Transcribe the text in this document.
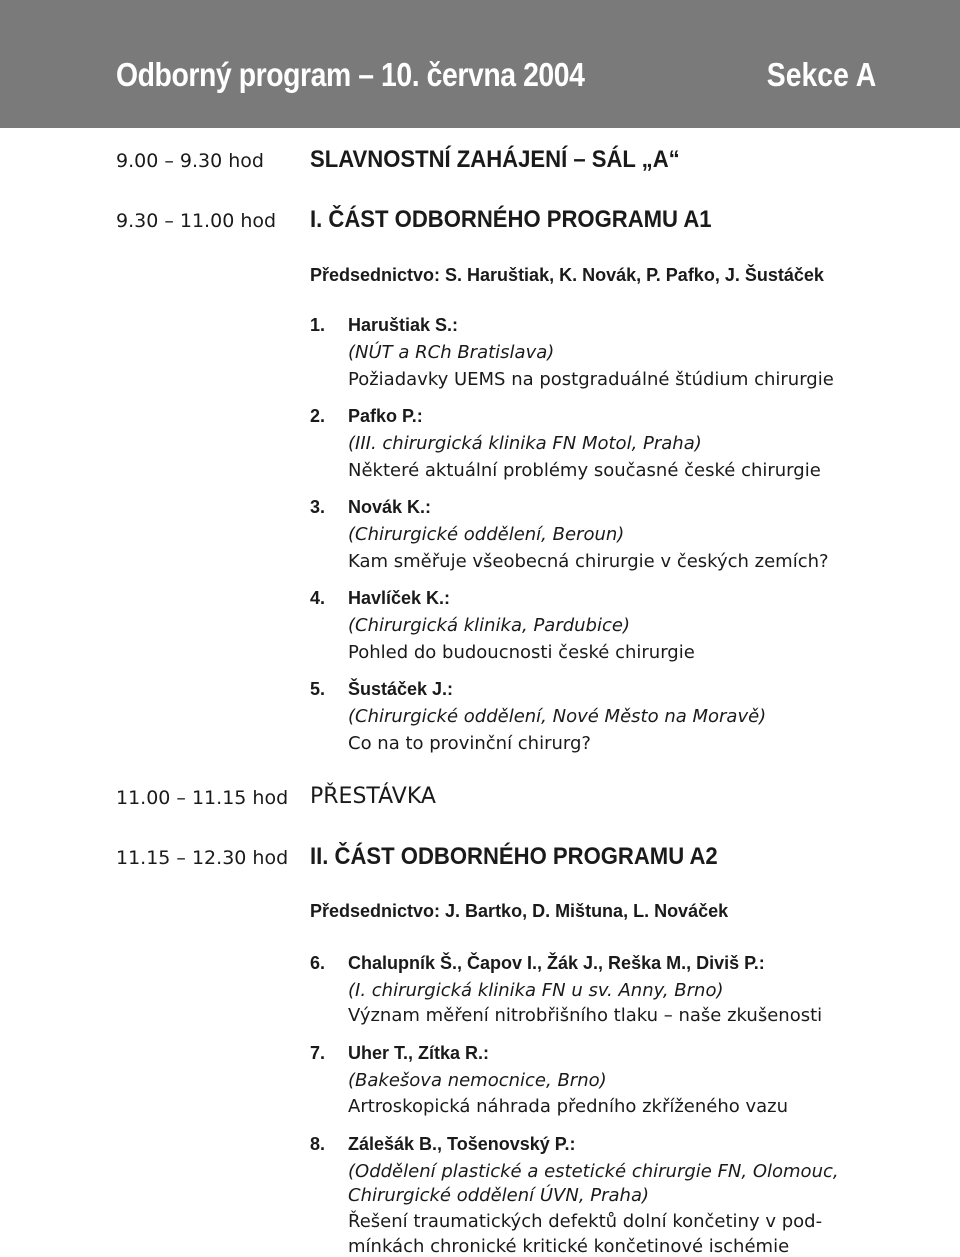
Odborný program – 10. června 2004	Sekce A
9.00 – 9.30 hod SLAVNOSTNÍ ZAHÁJENÍ – SÁL „A“
9.30 – 11.00 hod I. ČÁST ODBORNÉHO PROGRAMU A1
Předsednictvo: S. Haruštiak, K. Novák, P. Pafko, J. Šustáček
1. Haruštiak S.:
(NÚT a RCh Bratislava)
Požiadavky UEMS na postgraduálné štúdium chirurgie
2. Pafko P.:
(III. chirurgická klinika FN Motol, Praha)
Některé aktuální problémy současné české chirurgie
3. Novák K.:
(Chirurgické oddělení, Beroun)
Kam směřuje všeobecná chirurgie v českých zemích?
4. Havlíček K.:
(Chirurgická klinika, Pardubice)
Pohled do budoucnosti české chirurgie
5. Šustáček J.:
(Chirurgické oddělení, Nové Město na Moravě)
Co na to provinční chirurg?
11.00 – 11.15 hod PŘESTÁVKA
11.15 – 12.30 hod II. ČÁST ODBORNÉHO PROGRAMU A2
Předsednictvo: J. Bartko, D. Mištuna, L. Nováček
6. Chalupník Š., Čapov I., Žák J., Reška M., Diviš P.:
(I. chirurgická klinika FN u sv. Anny, Brno)
Význam měření nitrobřišního tlaku – naše zkušenosti
7. Uher T., Zítka R.:
(Bakešova nemocnice, Brno)
Artroskopická náhrada předního zkříženého vazu
8. Zálešák B., Tošenovský P.:
(Oddělení plastické a estetické chirurgie FN, Olomouc,
Chirurgické oddělení ÚVN, Praha)
Řešení traumatických defektů dolní končetiny v pod-
mínkách chronické kritické končetinové ischémie
